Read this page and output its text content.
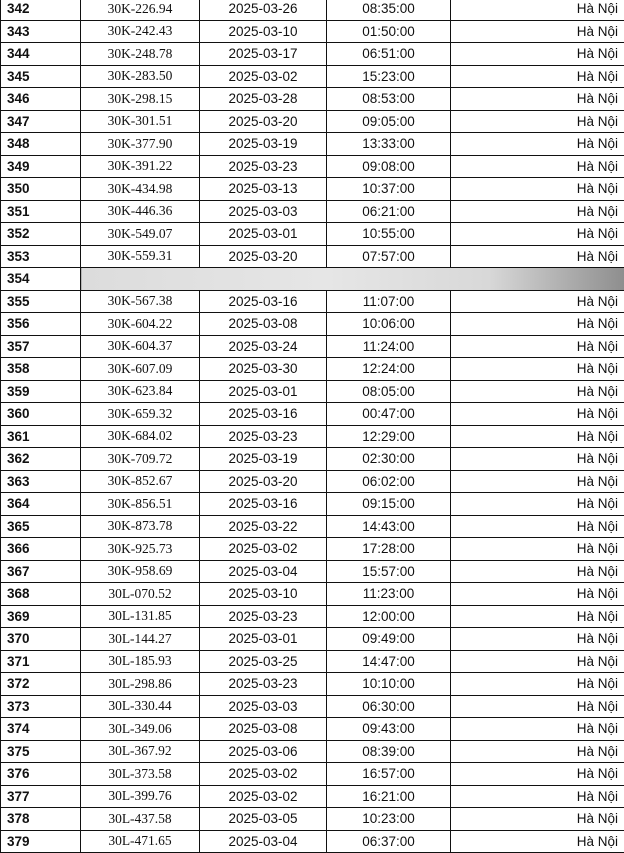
342	30K-226.94	2025-03-26	08:35:00	Hà Nội
343	30K-242.43	2025-03-10	01:50:00	Hà Nội
344	30K-248.78	2025-03-17	06:51:00	Hà Nội
345	30K-283.50	2025-03-02	15:23:00	Hà Nội
346	30K-298.15	2025-03-28	08:53:00	Hà Nội
347	30K-301.51	2025-03-20	09:05:00	Hà Nội
348	30K-377.90	2025-03-19	13:33:00	Hà Nội
349	30K-391.22	2025-03-23	09:08:00	Hà Nội
350	30K-434.98	2025-03-13	10:37:00	Hà Nội
351	30K-446.36	2025-03-03	06:21:00	Hà Nội
352	30K-549.07	2025-03-01	10:55:00	Hà Nội
353	30K-559.31	2025-03-20	07:57:00	Hà Nội
354				
355	30K-567.38	2025-03-16	11:07:00	Hà Nội
356	30K-604.22	2025-03-08	10:06:00	Hà Nội
357	30K-604.37	2025-03-24	11:24:00	Hà Nội
358	30K-607.09	2025-03-30	12:24:00	Hà Nội
359	30K-623.84	2025-03-01	08:05:00	Hà Nội
360	30K-659.32	2025-03-16	00:47:00	Hà Nội
361	30K-684.02	2025-03-23	12:29:00	Hà Nội
362	30K-709.72	2025-03-19	02:30:00	Hà Nội
363	30K-852.67	2025-03-20	06:02:00	Hà Nội
364	30K-856.51	2025-03-16	09:15:00	Hà Nội
365	30K-873.78	2025-03-22	14:43:00	Hà Nội
366	30K-925.73	2025-03-02	17:28:00	Hà Nội
367	30K-958.69	2025-03-04	15:57:00	Hà Nội
368	30L-070.52	2025-03-10	11:23:00	Hà Nội
369	30L-131.85	2025-03-23	12:00:00	Hà Nội
370	30L-144.27	2025-03-01	09:49:00	Hà Nội
371	30L-185.93	2025-03-25	14:47:00	Hà Nội
372	30L-298.86	2025-03-23	10:10:00	Hà Nội
373	30L-330.44	2025-03-03	06:30:00	Hà Nội
374	30L-349.06	2025-03-08	09:43:00	Hà Nội
375	30L-367.92	2025-03-06	08:39:00	Hà Nội
376	30L-373.58	2025-03-02	16:57:00	Hà Nội
377	30L-399.76	2025-03-02	16:21:00	Hà Nội
378	30L-437.58	2025-03-05	10:23:00	Hà Nội
379	30L-471.65	2025-03-04	06:37:00	Hà Nội
